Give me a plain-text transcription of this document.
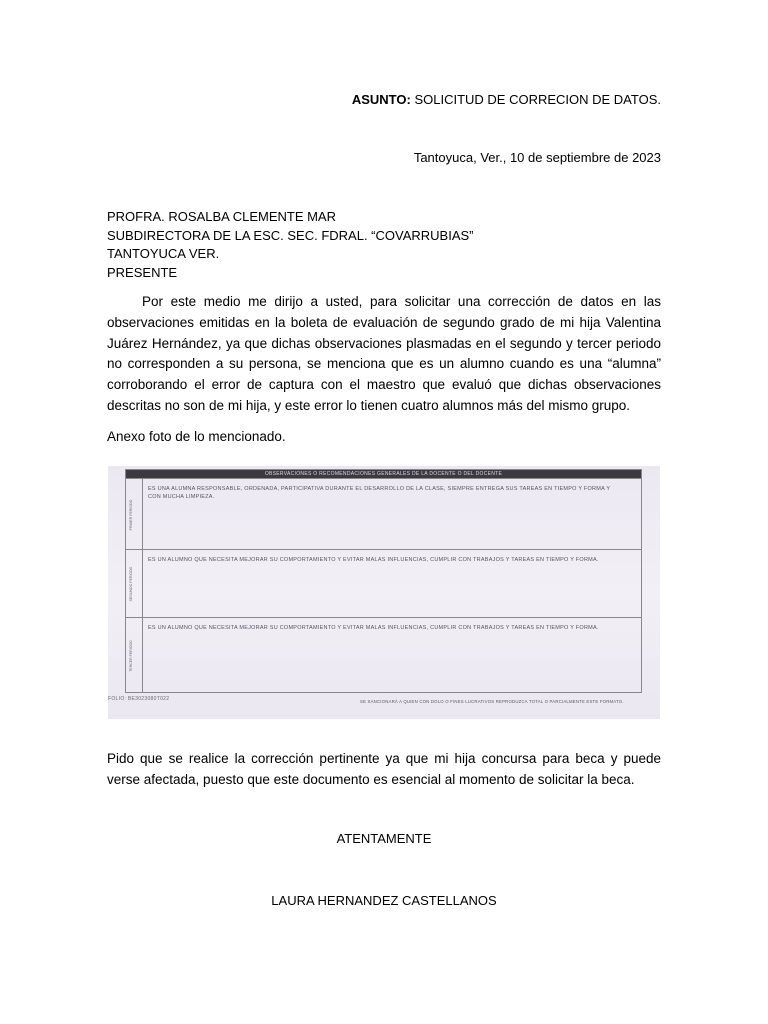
ASUNTO: SOLICITUD DE CORRECION DE DATOS.
Tantoyuca, Ver., 10 de septiembre de 2023
PROFRA. ROSALBA CLEMENTE MAR
SUBDIRECTORA DE LA ESC. SEC. FDRAL. “COVARRUBIAS”
TANTOYUCA VER.
PRESENTE

Por este medio me dirijo a usted, para solicitar una corrección de datos en las observaciones emitidas en la boleta de evaluación de segundo grado de mi hija Valentina Juárez Hernández, ya que dichas observaciones plasmadas en el segundo y tercer periodo no corresponden a su persona, se menciona que es un alumno cuando es una “alumna” corroborando el error de captura con el maestro que evaluó que dichas observaciones descritas no son de mi hija, y este error lo tienen cuatro alumnos más del mismo grupo.

Anexo foto de lo mencionado.

OBSERVACIONES O RECOMENDACIONES GENERALES DE LA DOCENTE O DEL DOCENTE
PRIMER PERIODO
ES UNA ALUMNA RESPONSABLE, ORDENADA, PARTICIPATIVA DURANTE EL DESARROLLO DE LA CLASE, SIEMPRE ENTREGA SUS TAREAS EN TIEMPO Y FORMA Y CON MUCHA LIMPIEZA.
SEGUNDO PERIODO
ES UN ALUMNO QUE NECESITA MEJORAR SU COMPORTAMIENTO Y EVITAR MALAS INFLUENCIAS, CUMPLIR CON TRABAJOS Y TAREAS EN TIEMPO Y FORMA.
TERCER PERIODO
ES UN ALUMNO QUE NECESITA MEJORAR SU COMPORTAMIENTO Y EVITAR MALAS INFLUENCIAS, CUMPLIR CON TRABAJOS Y TAREAS EN TIEMPO Y FORMA.
FOLIO: BE3023080T022	SE SANCIONARÁ A QUIEN CON DOLO O FINES LUCRATIVOS REPRODUZCA TOTAL O PARCIALMENTE ESTE FORMATO.

Pido que se realice la corrección pertinente ya que mi hija concursa para beca y puede verse afectada, puesto que este documento es esencial al momento de solicitar la beca.

ATENTAMENTE
LAURA HERNANDEZ CASTELLANOS
